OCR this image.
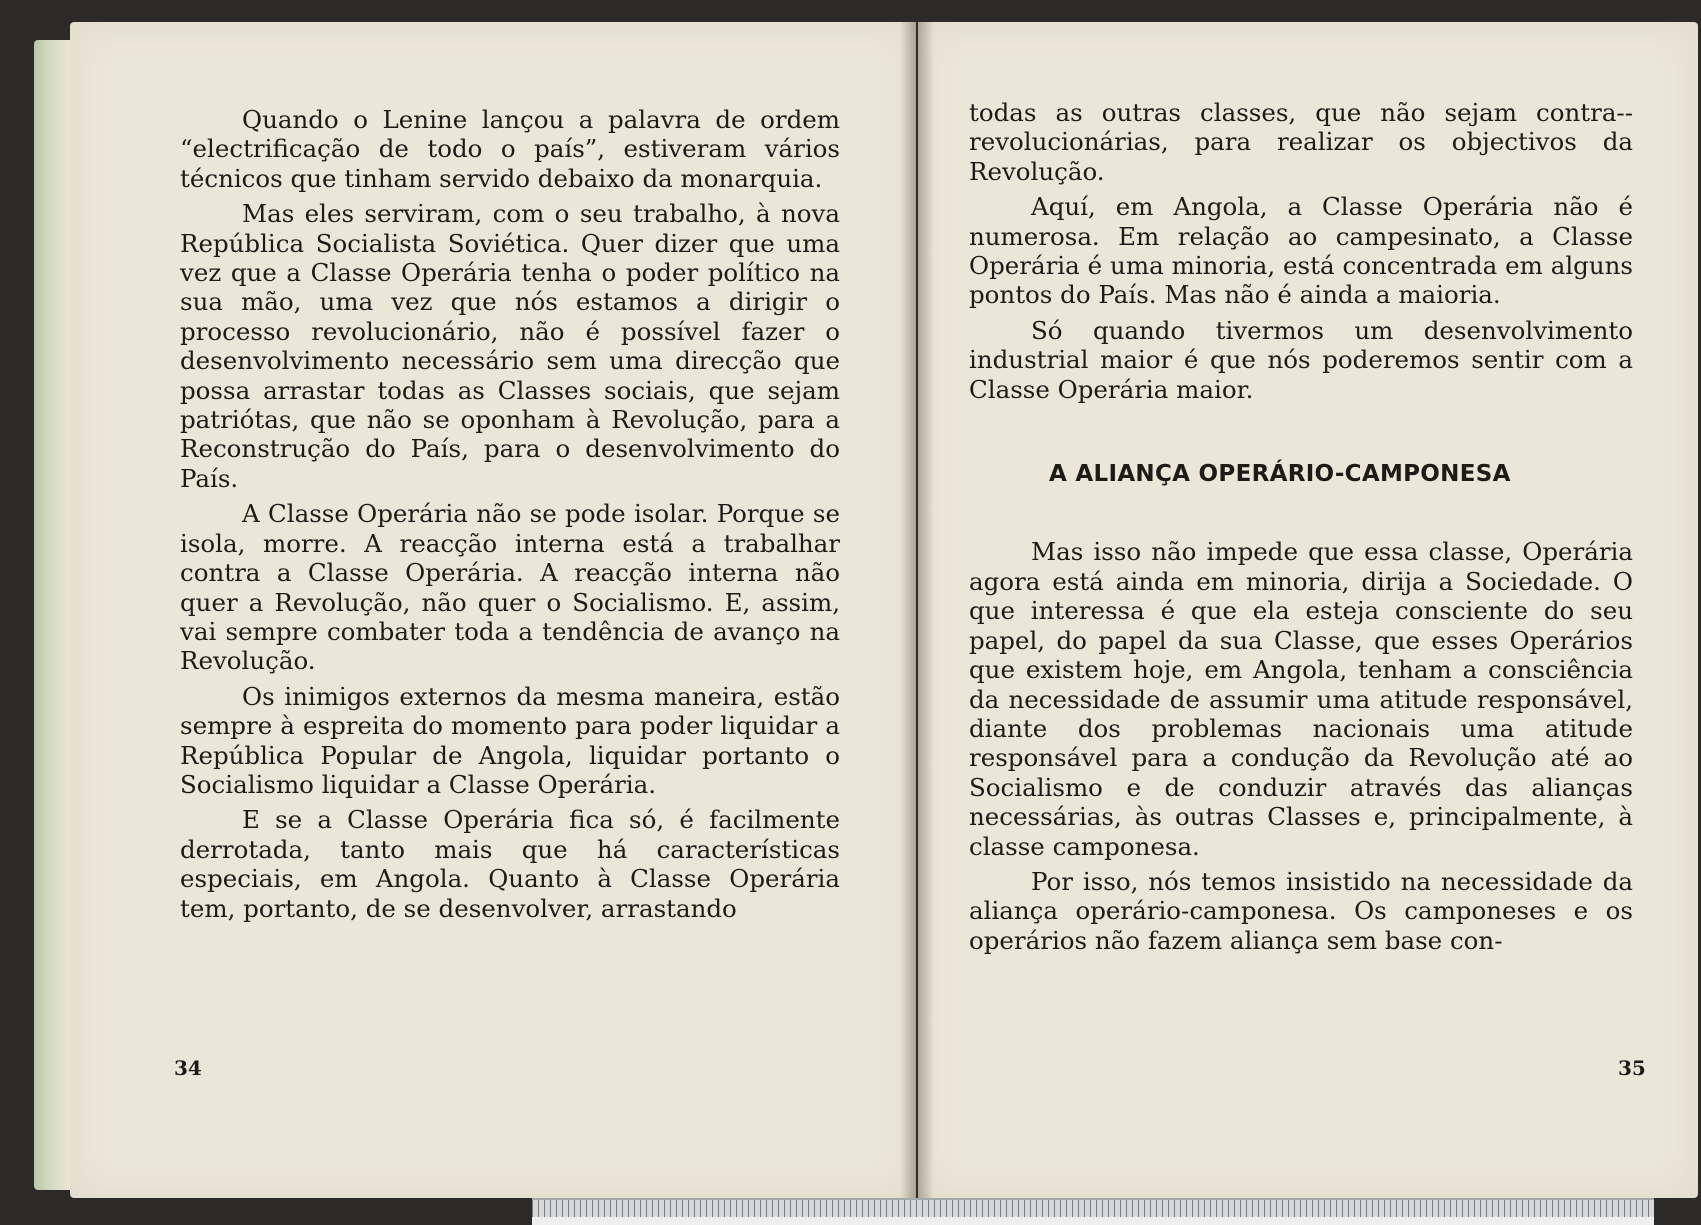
Quando o Lenine lançou a palavra de ordem “electrificação de todo o país”, estiveram vários técnicos que tinham servido debaixo da monarquia.

Mas eles serviram, com o seu trabalho, à nova República Socialista Soviética. Quer dizer que uma vez que a Classe Operária tenha o poder político na sua mão, uma vez que nós estamos a dirigir o processo revolucionário, não é possível fazer o desenvolvimento necessário sem uma direcção que possa arrastar todas as Classes sociais, que sejam patriótas, que não se oponham à Revolução, para a Reconstrução do País, para o desenvolvimento do País.

A Classe Operária não se pode isolar. Porque se isola, morre. A reacção interna está a trabalhar contra a Classe Operária. A reacção interna não quer a Revolução, não quer o Socialismo. E, assim, vai sempre combater toda a tendência de avanço na Revolução.

Os inimigos externos da mesma maneira, estão sempre à espreita do momento para poder liquidar a República Popular de Angola, liquidar portanto o Socialismo liquidar a Classe Operária.

E se a Classe Operária fica só, é facilmente derrotada, tanto mais que há características especiais, em Angola. Quanto à Classe Operária tem, portanto, de se desenvolver, arrastando

34

todas as outras classes, que não sejam contra--revolucionárias, para realizar os objectivos da Revolução.

Aquí, em Angola, a Classe Operária não é numerosa. Em relação ao campesinato, a Classe Operária é uma minoria, está concentrada em alguns pontos do País. Mas não é ainda a maioria.

Só quando tivermos um desenvolvimento industrial maior é que nós poderemos sentir com a Classe Operária maior.

A ALIANÇA OPERÁRIO-CAMPONESA

Mas isso não impede que essa classe, Operária agora está ainda em minoria, dirija a Sociedade. O que interessa é que ela esteja consciente do seu papel, do papel da sua Classe, que esses Operários que existem hoje, em Angola, tenham a consciência da necessidade de assumir uma atitude responsável, diante dos problemas nacionais uma atitude responsável para a condução da Revolução até ao Socialismo e de conduzir através das alianças necessárias, às outras Classes e, principalmente, à classe camponesa.

Por isso, nós temos insistido na necessidade da aliança operário-camponesa. Os camponeses e os operários não fazem aliança sem base con-

35
